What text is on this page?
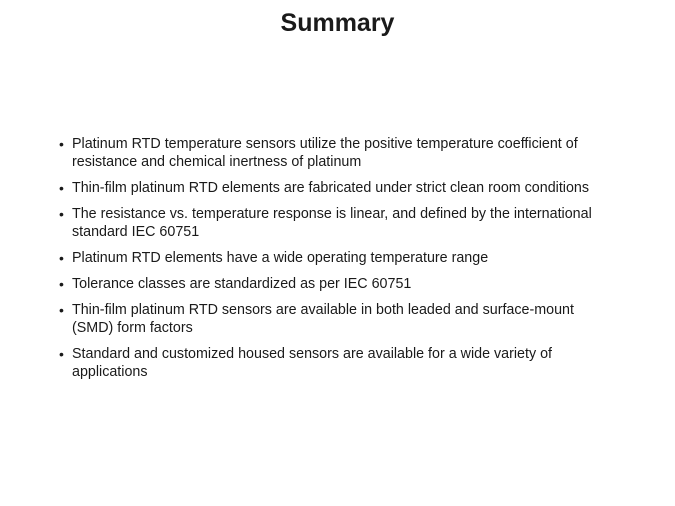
Summary
• Platinum RTD temperature sensors utilize the positive temperature coefficient of resistance and chemical inertness of platinum
• Thin-film platinum RTD elements are fabricated under strict clean room conditions
• The resistance vs. temperature response is linear, and defined by the international standard IEC 60751
• Platinum RTD elements have a wide operating temperature range
• Tolerance classes are standardized as per IEC 60751
• Thin-film platinum RTD sensors are available in both leaded and surface-mount (SMD) form factors
• Standard and customized housed sensors are available for a wide variety of applications
